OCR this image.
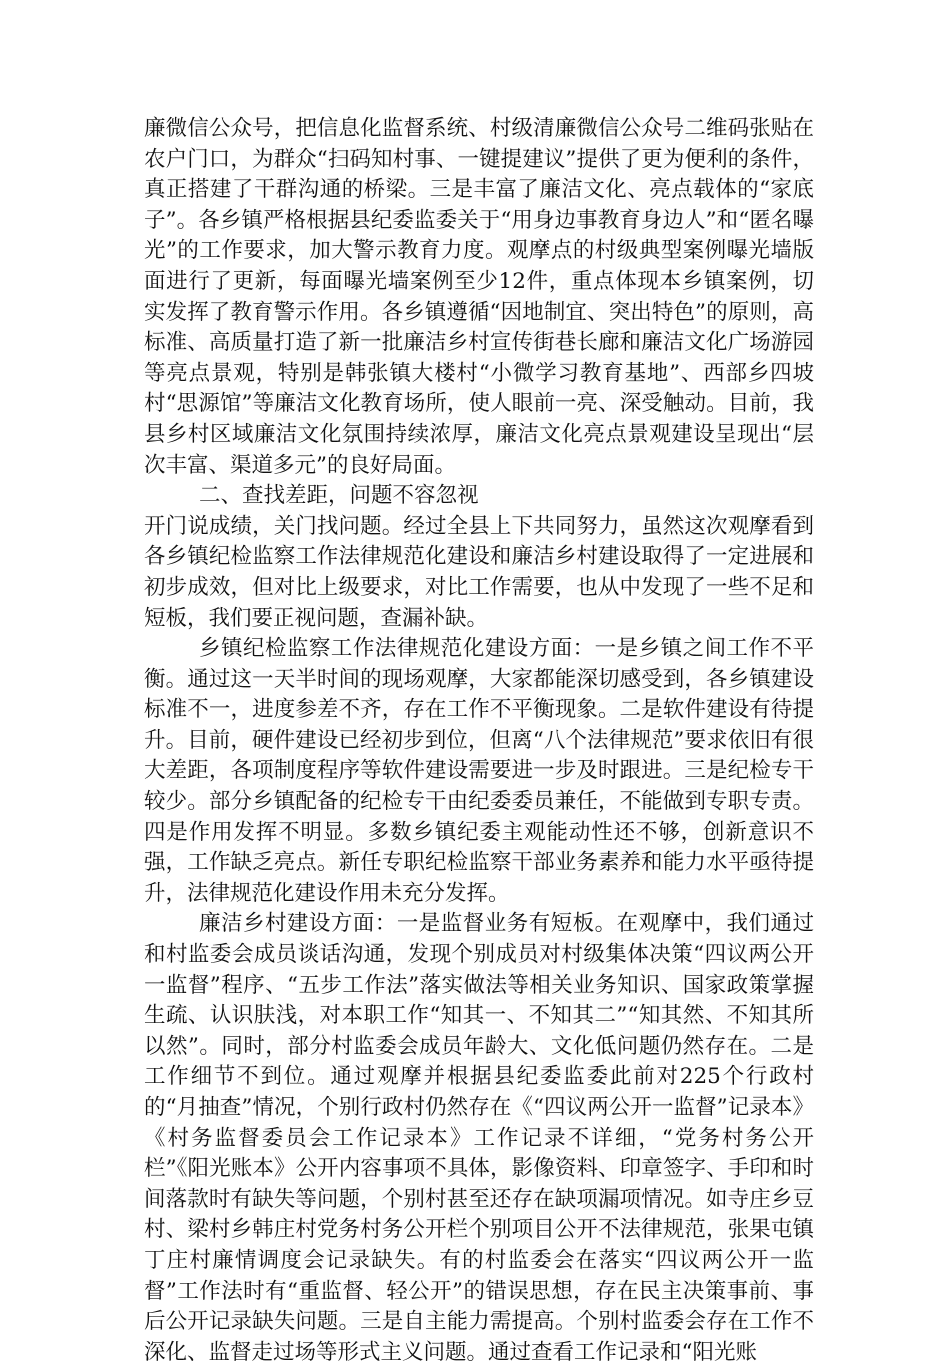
廉微信公众号，把信息化监督系统、村级清廉微信公众号二维码张贴在农户门口，为群众“扫码知村事、一键提建议”提供了更为便利的条件，真正搭建了干群沟通的桥梁。三是丰富了廉洁文化、亮点载体的“家底子”。各乡镇严格根据县纪委监委关于“用身边事教育身边人”和“匿名曝光”的工作要求，加大警示教育力度。观摩点的村级典型案例曝光墙版面进行了更新，每面曝光墙案例至少12件，重点体现本乡镇案例，切实发挥了教育警示作用。各乡镇遵循“因地制宜、突出特色”的原则，高标准、高质量打造了新一批廉洁乡村宣传街巷长廊和廉洁文化广场游园等亮点景观，特别是韩张镇大楼村“小微学习教育基地”、西部乡四坡村“思源馆”等廉洁文化教育场所，使人眼前一亮、深受触动。目前，我县乡村区域廉洁文化氛围持续浓厚，廉洁文化亮点景观建设呈现出“层次丰富、渠道多元”的良好局面。

二、查找差距，问题不容忽视

开门说成绩，关门找问题。经过全县上下共同努力，虽然这次观摩看到各乡镇纪检监察工作法律规范化建设和廉洁乡村建设取得了一定进展和初步成效，但对比上级要求，对比工作需要，也从中发现了一些不足和短板，我们要正视问题，查漏补缺。

乡镇纪检监察工作法律规范化建设方面：一是乡镇之间工作不平衡。通过这一天半时间的现场观摩，大家都能深切感受到，各乡镇建设标准不一，进度参差不齐，存在工作不平衡现象。二是软件建设有待提升。目前，硬件建设已经初步到位，但离“八个法律规范”要求依旧有很大差距，各项制度程序等软件建设需要进一步及时跟进。三是纪检专干较少。部分乡镇配备的纪检专干由纪委委员兼任，不能做到专职专责。四是作用发挥不明显。多数乡镇纪委主观能动性还不够，创新意识不强，工作缺乏亮点。新任专职纪检监察干部业务素养和能力水平亟待提升，法律规范化建设作用未充分发挥。

廉洁乡村建设方面：一是监督业务有短板。在观摩中，我们通过和村监委会成员谈话沟通，发现个别成员对村级集体决策“四议两公开一监督”程序、“五步工作法”落实做法等相关业务知识、国家政策掌握生疏、认识肤浅，对本职工作“知其一、不知其二”“知其然、不知其所以然”。同时，部分村监委会成员年龄大、文化低问题仍然存在。二是工作细节不到位。通过观摩并根据县纪委监委此前对225个行政村的“月抽查”情况，个别行政村仍然存在《“四议两公开一监督”记录本》《村务监督委员会工作记录本》工作记录不详细，“党务村务公开栏”《阳光账本》公开内容事项不具体，影像资料、印章签字、手印和时间落款时有缺失等问题，个别村甚至还存在缺项漏项情况。如寺庄乡豆村、梁村乡韩庄村党务村务公开栏个别项目公开不法律规范，张果屯镇丁庄村廉情调度会记录缺失。有的村监委会在落实“四议两公开一监督”工作法时有“重监督、轻公开”的错误思想，存在民主决策事前、事后公开记录缺失问题。三是自主能力需提高。个别村监委会存在工作不深化、监督走过场等形式主义问题。通过查看工作记录和“阳光账
